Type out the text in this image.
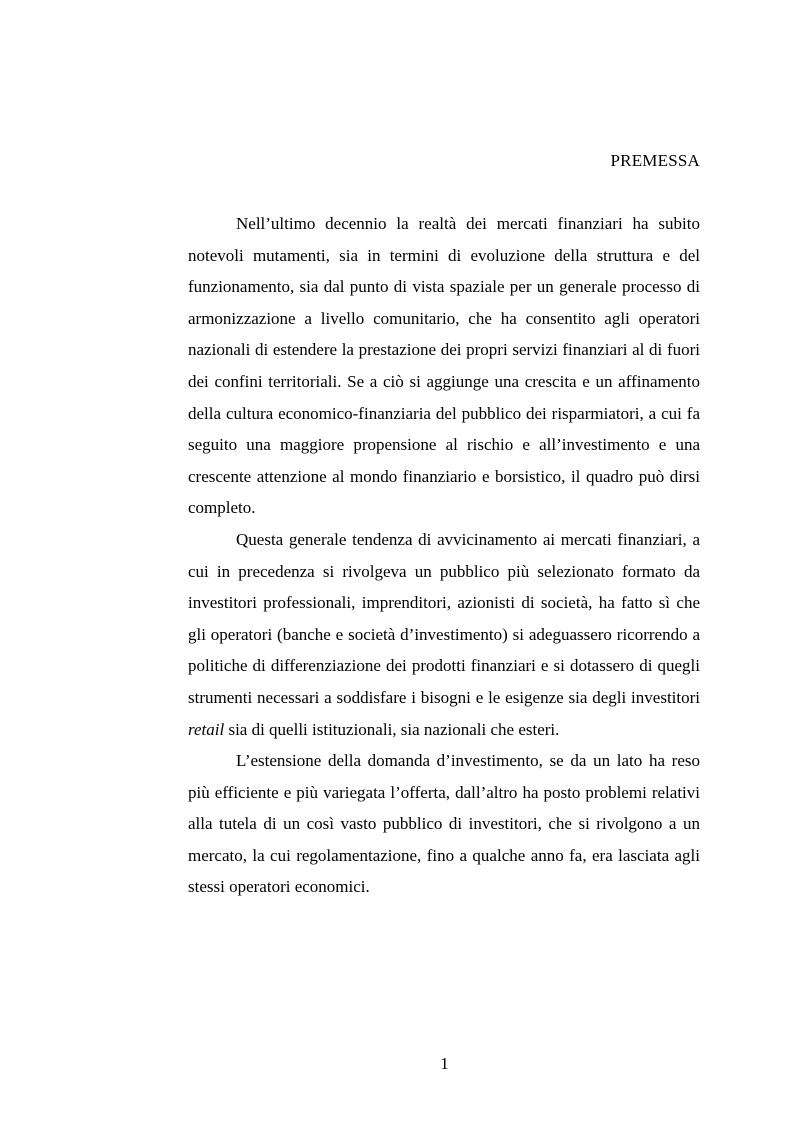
PREMESSA

Nell’ultimo decennio la realtà dei mercati finanziari ha subito notevoli mutamenti, sia in termini di evoluzione della struttura e del funzionamento, sia dal punto di vista spaziale per un generale processo di armonizzazione a livello comunitario, che ha consentito agli operatori nazionali di estendere la prestazione dei propri servizi finanziari al di fuori dei confini territoriali. Se a ciò si aggiunge una crescita e un affinamento della cultura economico-finanziaria del pubblico dei risparmiatori, a cui fa seguito una maggiore propensione al rischio e all’investimento e una crescente attenzione al mondo finanziario e borsistico, il quadro può dirsi completo.

Questa generale tendenza di avvicinamento ai mercati finanziari, a cui in precedenza si rivolgeva un pubblico più selezionato formato da investitori professionali, imprenditori, azionisti di società, ha fatto sì che gli operatori (banche e società d’investimento) si adeguassero ricorrendo a politiche di differenziazione dei prodotti finanziari e si dotassero di quegli strumenti necessari a soddisfare i bisogni e le esigenze sia degli investitori retail sia di quelli istituzionali, sia nazionali che esteri.

L’estensione della domanda d’investimento, se da un lato ha reso più efficiente e più variegata l’offerta, dall’altro ha posto problemi relativi alla tutela di un così vasto pubblico di investitori, che si rivolgono a un mercato, la cui regolamentazione, fino a qualche anno fa, era lasciata agli stessi operatori economici.

1
